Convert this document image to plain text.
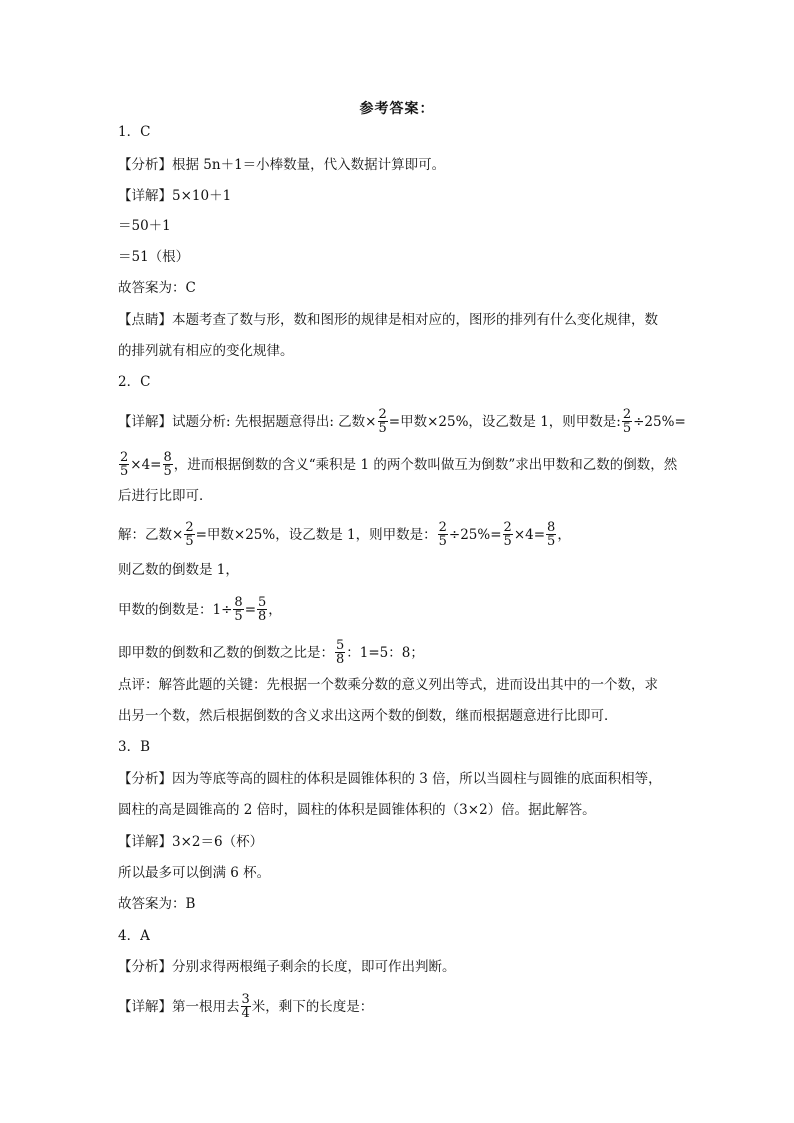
参考答案：
1．C
【分析】根据 5n＋1＝小棒数量，代入数据计算即可。
【详解】5×10＋1
＝50＋1
＝51（根）
故答案为：C
【点睛】本题考查了数与形，数和图形的规律是相对应的，图形的排列有什么变化规律，数
的排列就有相应的变化规律。
2．C
【详解】试题分析: 先根据题意得出: 乙数× $\frac{2}{5}$ =甲数×25%，设乙数是 1，则甲数是: $\frac{2}{5} \div 25\%=$
$\frac{2}{5} \times 4= \frac{8}{5}$ ，进而根据倒数的含义“乘积是 1 的两个数叫做互为倒数”求出甲数和乙数的倒数，然
后进行比即可．
解：乙数× $\frac{2}{5}$ =甲数×25%，设乙数是 1，则甲数是： $\frac{2}{5} \div 25\%= \frac{2}{5} \times 4= \frac{8}{5}$ ，
则乙数的倒数是 1，
甲数的倒数是：$1\div \frac{8}{5} = \frac{5}{8}$ ，
即甲数的倒数和乙数的倒数之比是： $\frac{5}{8}$ ：1=5：8；
点评：解答此题的关键：先根据一个数乘分数的意义列出等式，进而设出其中的一个数，求
出另一个数，然后根据倒数的含义求出这两个数的倒数，继而根据题意进行比即可．
3．B
【分析】因为等底等高的圆柱的体积是圆锥体积的 3 倍，所以当圆柱与圆锥的底面积相等，
圆柱的高是圆锥高的 2 倍时，圆柱的体积是圆锥体积的（3×2）倍。据此解答。
【详解】3×2＝6（杯）
所以最多可以倒满 6 杯。
故答案为：B
4．A
【分析】分别求得两根绳子剩余的长度，即可作出判断。
【详解】第一根用去 $\frac{3}{4}$ 米，剩下的长度是：
